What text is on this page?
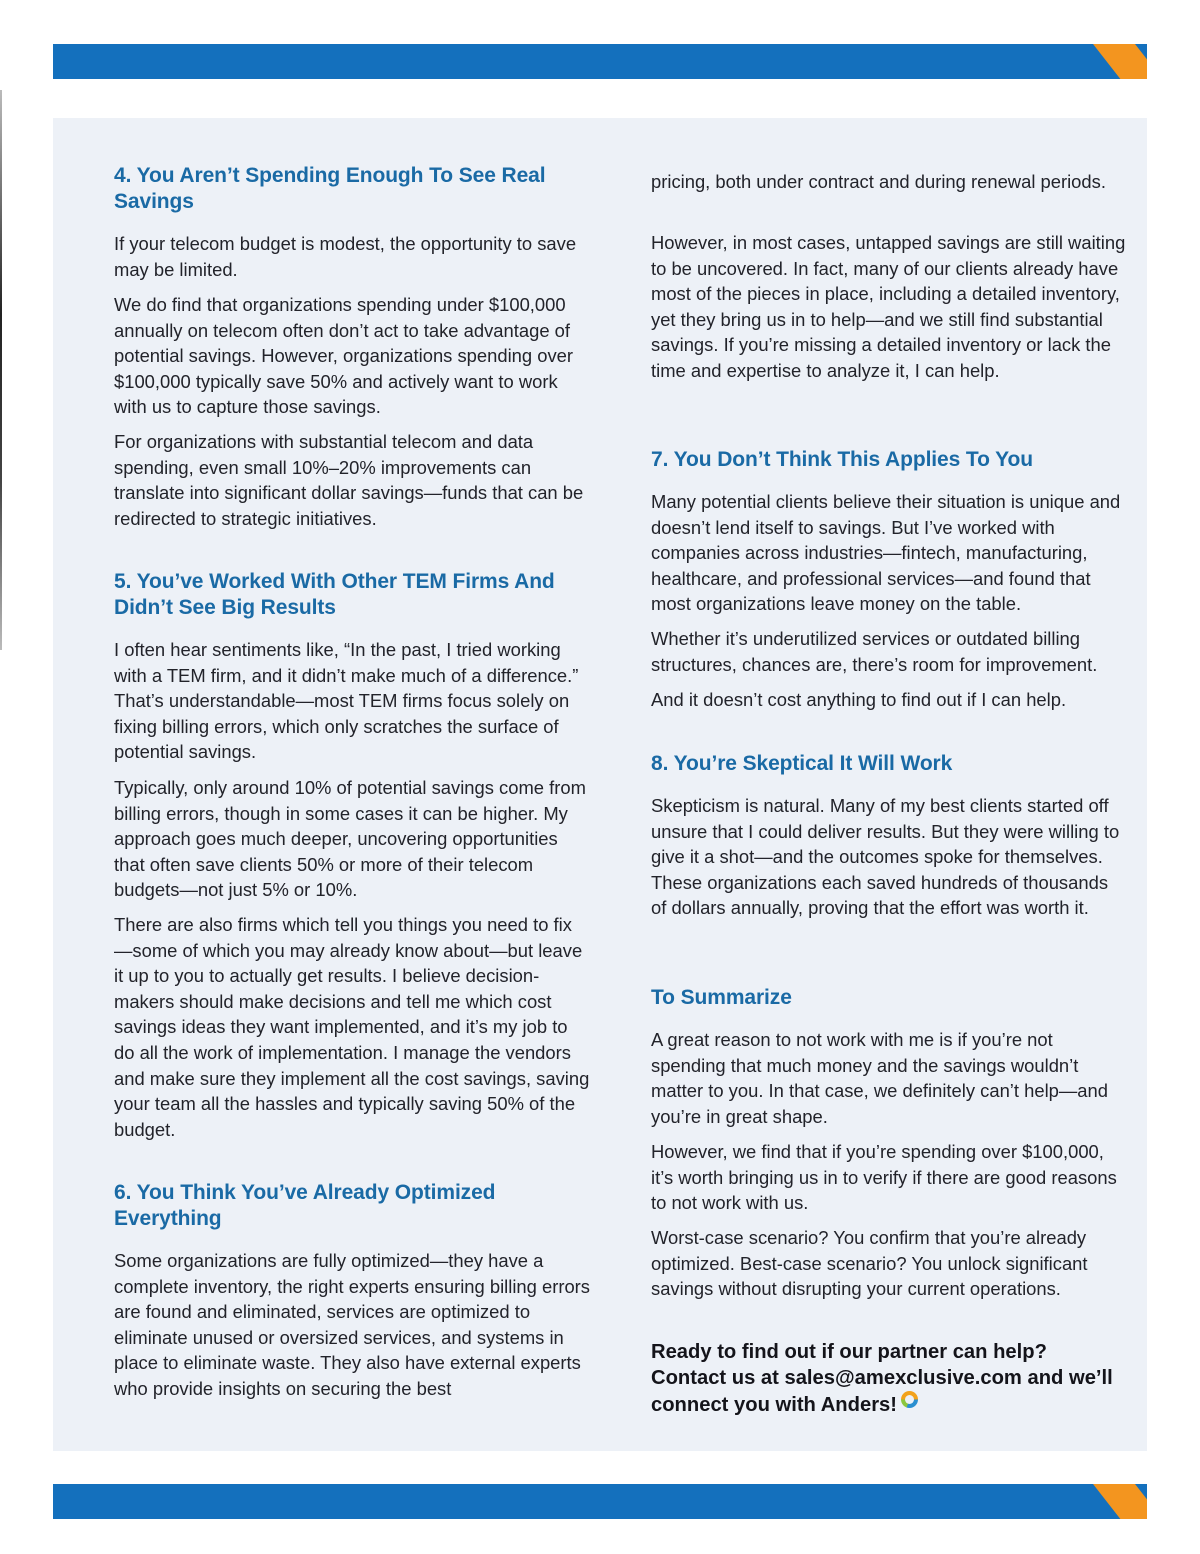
4. You Aren’t Spending Enough To See Real Savings

If your telecom budget is modest, the opportunity to save may be limited.

We do find that organizations spending under $100,000 annually on telecom often don’t act to take advantage of potential savings. However, organizations spending over $100,000 typically save 50% and actively want to work with us to capture those savings.

For organizations with substantial telecom and data spending, even small 10%–20% improvements can translate into significant dollar savings—funds that can be redirected to strategic initiatives.

5. You’ve Worked With Other TEM Firms And Didn’t See Big Results

I often hear sentiments like, “In the past, I tried working with a TEM firm, and it didn’t make much of a difference.” That’s understandable—most TEM firms focus solely on fixing billing errors, which only scratches the surface of potential savings.

Typically, only around 10% of potential savings come from billing errors, though in some cases it can be higher. My approach goes much deeper, uncovering opportunities that often save clients 50% or more of their telecom budgets—not just 5% or 10%.

There are also firms which tell you things you need to fix—some of which you may already know about—but leave it up to you to actually get results. I believe decision-makers should make decisions and tell me which cost savings ideas they want implemented, and it’s my job to do all the work of implementation. I manage the vendors and make sure they implement all the cost savings, saving your team all the hassles and typically saving 50% of the budget.

6. You Think You’ve Already Optimized Everything

Some organizations are fully optimized—they have a complete inventory, the right experts ensuring billing errors are found and eliminated, services are optimized to eliminate unused or oversized services, and systems in place to eliminate waste. They also have external experts who provide insights on securing the best

pricing, both under contract and during renewal periods.

However, in most cases, untapped savings are still waiting to be uncovered. In fact, many of our clients already have most of the pieces in place, including a detailed inventory, yet they bring us in to help—and we still find substantial savings. If you’re missing a detailed inventory or lack the time and expertise to analyze it, I can help.

7. You Don’t Think This Applies To You

Many potential clients believe their situation is unique and doesn’t lend itself to savings. But I’ve worked with companies across industries—fintech, manufacturing, healthcare, and professional services—and found that most organizations leave money on the table.

Whether it’s underutilized services or outdated billing structures, chances are, there’s room for improvement.

And it doesn’t cost anything to find out if I can help.

8. You’re Skeptical It Will Work

Skepticism is natural. Many of my best clients started off unsure that I could deliver results. But they were willing to give it a shot—and the outcomes spoke for themselves. These organizations each saved hundreds of thousands of dollars annually, proving that the effort was worth it.

To Summarize

A great reason to not work with me is if you’re not spending that much money and the savings wouldn’t matter to you. In that case, we definitely can’t help—and you’re in great shape.

However, we find that if you’re spending over $100,000, it’s worth bringing us in to verify if there are good reasons to not work with us.

Worst-case scenario? You confirm that you’re already optimized. Best-case scenario? You unlock significant savings without disrupting your current operations.

Ready to find out if our partner can help? Contact us at sales@amexclusive.com and we’ll connect you with Anders!
